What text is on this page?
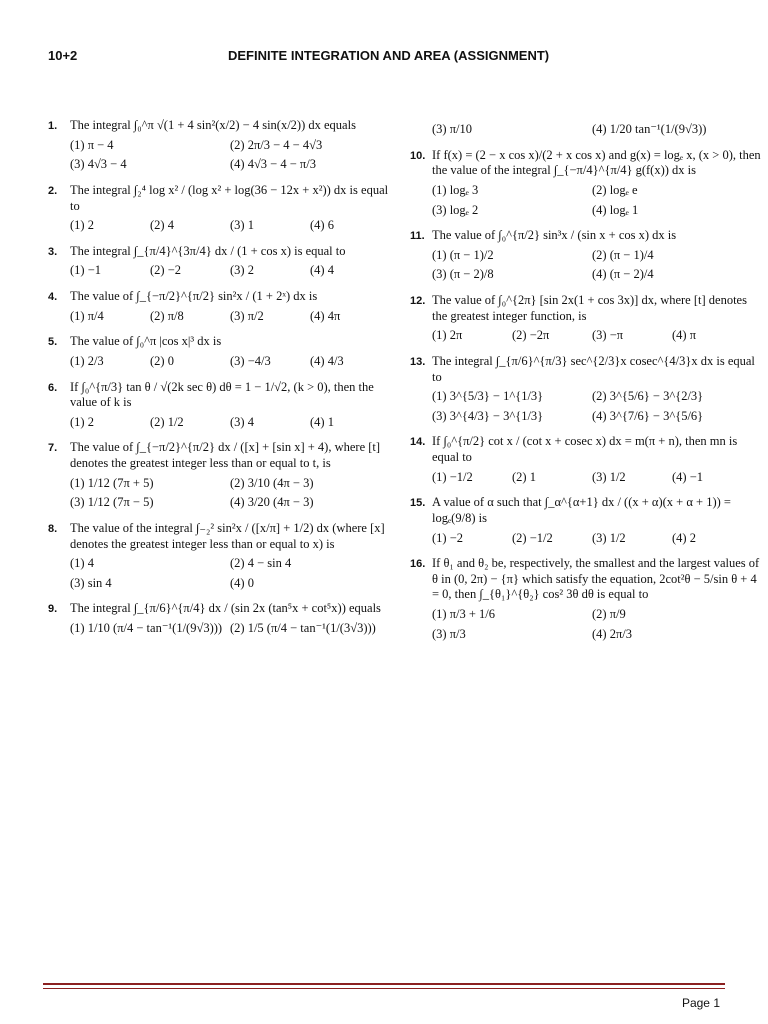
10+2	DEFINITE INTEGRATION AND AREA (ASSIGNMENT)
1. The integral ∫₀^π √(1 + 4 sin²(x/2) − 4 sin(x/2)) dx equals
(1) π − 4	(2) 2π/3 − 4 − 4√3
(3) 4√3 − 4	(4) 4√3 − 4 − π/3
2. The integral ∫₂⁴ log x² / (log x² + log(36 − 12x + x²)) dx is equal to
(1) 2	(2) 4	(3) 1	(4) 6
3. The integral ∫_{π/4}^{3π/4} dx / (1 + cos x) is equal to
(1) −1	(2) −2	(3) 2	(4) 4
4. The value of ∫_{−π/2}^{π/2} sin²x / (1 + 2ˣ) dx is
(1) π/4	(2) π/8	(3) π/2	(4) 4π
5. The value of ∫₀^π |cos x|³ dx is
(1) 2/3	(2) 0	(3) −4/3	(4) 4/3
6. If ∫₀^{π/3} tan θ / √(2k sec θ) dθ = 1 − 1/√2, (k > 0), then the value of k is
(1) 2	(2) 1/2	(3) 4	(4) 1
7. The value of ∫_{−π/2}^{π/2} dx / ([x] + [sin x] + 4), where [t] denotes the greatest integer less than or equal to t, is
(1) 1/12 (7π + 5)	(2) 3/10 (4π − 3)
(3) 1/12 (7π − 5)	(4) 3/20 (4π − 3)
8. The value of the integral ∫₋₂² sin²x / ([x/π] + 1/2) dx (where [x] denotes the greatest integer less than or equal to x) is
(1) 4	(2) 4 − sin 4
(3) sin 4	(4) 0
9. The integral ∫_{π/6}^{π/4} dx / (sin 2x (tan⁵x + cot⁵x)) equals
(1) 1/10 (π/4 − tan⁻¹(1/(9√3))) (2) 1/5 (π/4 − tan⁻¹(1/(3√3)))
(3) π/10	(4) 1/20 tan⁻¹(1/(9√3))
10. If f(x) = (2 − x cos x)/(2 + x cos x) and g(x) = logₑ x, (x > 0), then the value of the integral ∫_{−π/4}^{π/4} g(f(x)) dx is
(1) logₑ 3	(2) logₑ e
(3) logₑ 2	(4) logₑ 1
11. The value of ∫₀^{π/2} sin³x / (sin x + cos x) dx is
(1) (π − 1)/2	(2) (π − 1)/4
(3) (π − 2)/8	(4) (π − 2)/4
12. The value of ∫₀^{2π} [sin 2x(1 + cos 3x)] dx, where [t] denotes the greatest integer function, is
(1) 2π	(2) −2π	(3) −π	(4) π
13. The integral ∫_{π/6}^{π/3} sec^{2/3}x cosec^{4/3}x dx is equal to
(1) 3^{5/3} − 1^{1/3}	(2) 3^{5/6} − 3^{2/3}
(3) 3^{4/3} − 3^{1/3}	(4) 3^{7/6} − 3^{5/6}
14. If ∫₀^{π/2} cot x / (cot x + cosec x) dx = m(π + n), then mn is equal to
(1) −1/2	(2) 1	(3) 1/2	(4) −1
15. A value of α such that ∫_α^{α+1} dx / ((x + α)(x + α + 1)) = logₑ(9/8) is
(1) −2	(2) −1/2	(3) 1/2	(4) 2
16. If θ₁ and θ₂ be, respectively, the smallest and the largest values of θ in (0, 2π) − {π} which satisfy the equation, 2cot²θ − 5/sin θ + 4 = 0, then ∫_{θ₁}^{θ₂} cos² 3θ dθ is equal to
(1) π/3 + 1/6	(2) π/9
(3) π/3	(4) 2π/3
Page 1
